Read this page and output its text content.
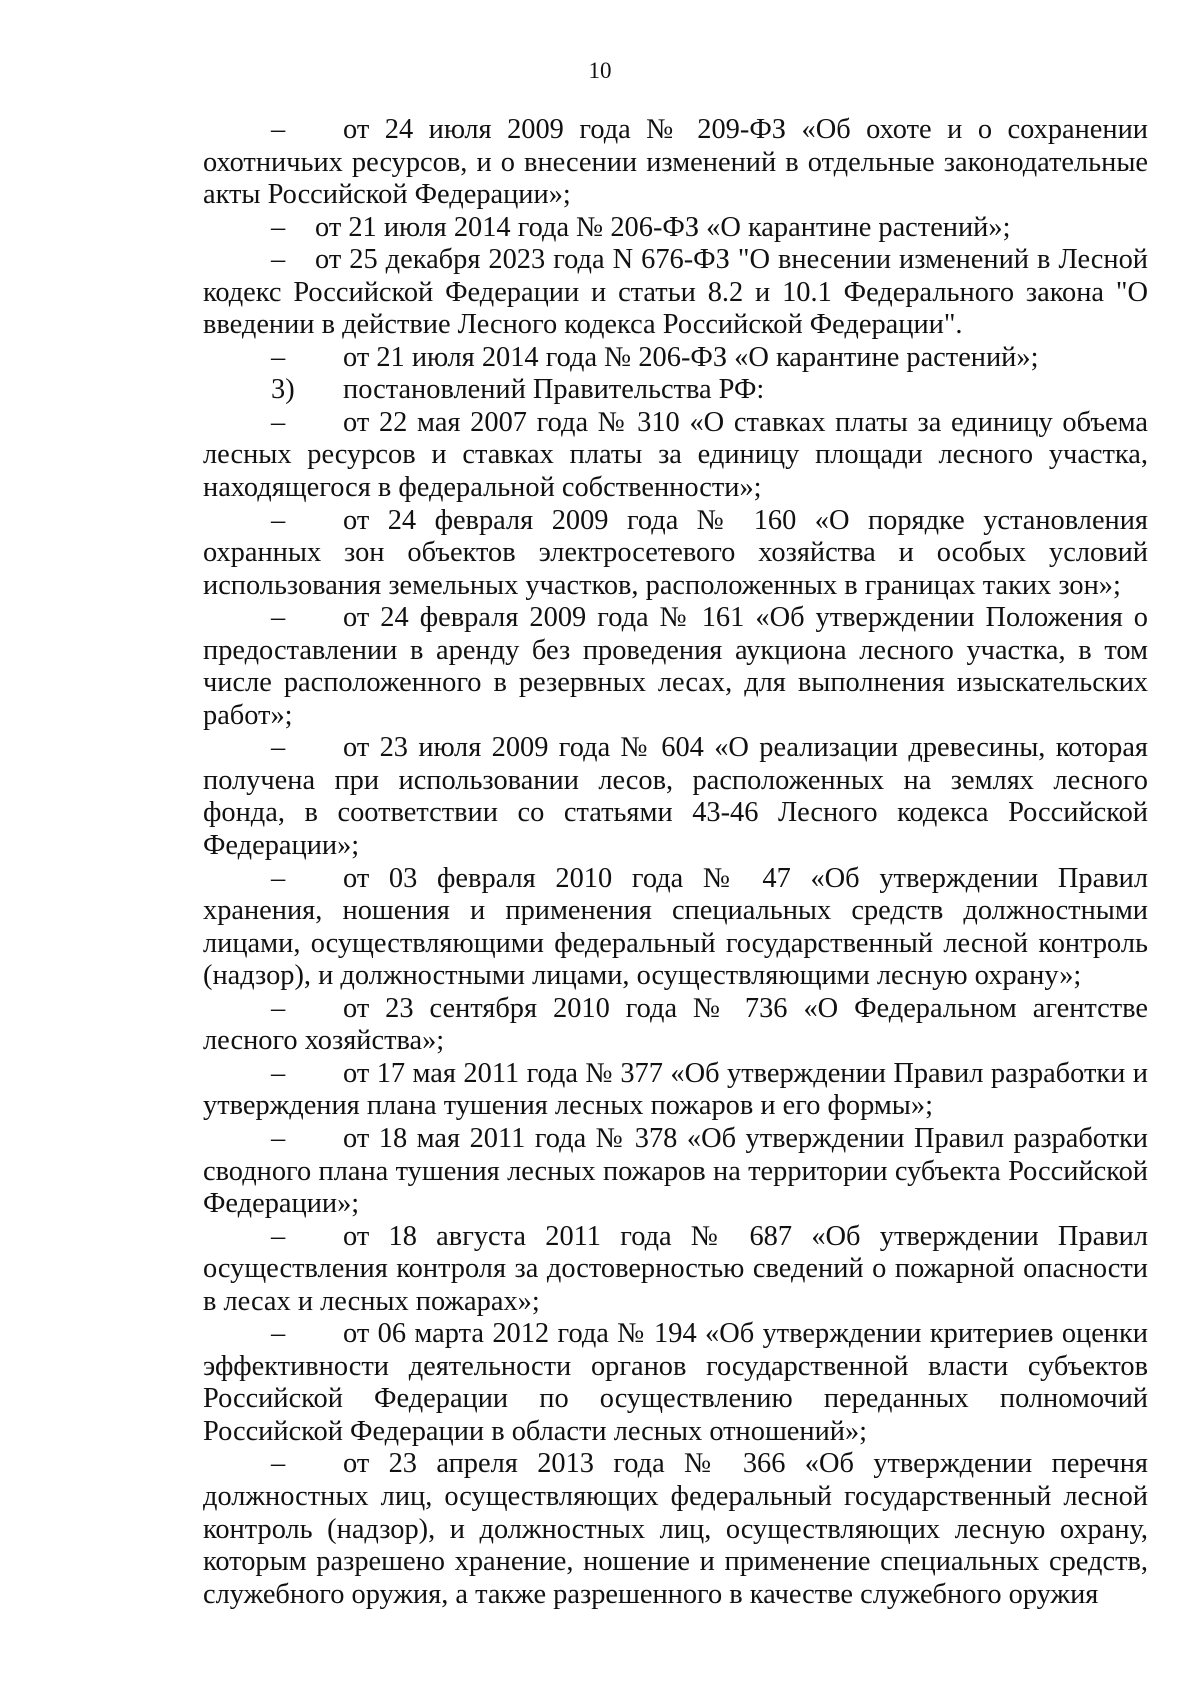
10

– от 24 июля 2009 года № 209-ФЗ «Об охоте и о сохранении охотничьих ресурсов, и о внесении изменений в отдельные законодательные акты Российской Федерации»;

– от 21 июля 2014 года № 206-ФЗ «О карантине растений»;

– от 25 декабря 2023 года N 676-ФЗ "О внесении изменений в Лесной кодекс Российской Федерации и статьи 8.2 и 10.1 Федерального закона "О введении в действие Лесного кодекса Российской Федерации".

– от 21 июля 2014 года № 206-ФЗ «О карантине растений»;

3) постановлений Правительства РФ:

– от 22 мая 2007 года № 310 «О ставках платы за единицу объема лесных ресурсов и ставках платы за единицу площади лесного участка, находящегося в федеральной собственности»;

– от 24 февраля 2009 года № 160 «О порядке установления охранных зон объектов электросетевого хозяйства и особых условий использования земельных участков, расположенных в границах таких зон»;

– от 24 февраля 2009 года № 161 «Об утверждении Положения о предоставлении в аренду без проведения аукциона лесного участка, в том числе расположенного в резервных лесах, для выполнения изыскательских работ»;

– от 23 июля 2009 года № 604 «О реализации древесины, которая получена при использовании лесов, расположенных на землях лесного фонда, в соответствии со статьями 43-46 Лесного кодекса Российской Федерации»;

– от 03 февраля 2010 года № 47 «Об утверждении Правил хранения, ношения и применения специальных средств должностными лицами, осуществляющими федеральный государственный лесной контроль (надзор), и должностными лицами, осуществляющими лесную охрану»;

– от 23 сентября 2010 года № 736 «О Федеральном агентстве лесного хозяйства»;

– от 17 мая 2011 года № 377 «Об утверждении Правил разработки и утверждения плана тушения лесных пожаров и его формы»;

– от 18 мая 2011 года № 378 «Об утверждении Правил разработки сводного плана тушения лесных пожаров на территории субъекта Российской Федерации»;

– от 18 августа 2011 года № 687 «Об утверждении Правил осуществления контроля за достоверностью сведений о пожарной опасности в лесах и лесных пожарах»;

– от 06 марта 2012 года № 194 «Об утверждении критериев оценки эффективности деятельности органов государственной власти субъектов Российской Федерации по осуществлению переданных полномочий Российской Федерации в области лесных отношений»;

– от 23 апреля 2013 года № 366 «Об утверждении перечня должностных лиц, осуществляющих федеральный государственный лесной контроль (надзор), и должностных лиц, осуществляющих лесную охрану, которым разрешено хранение, ношение и применение специальных средств, служебного оружия, а также разрешенного в качестве служебного оружия
